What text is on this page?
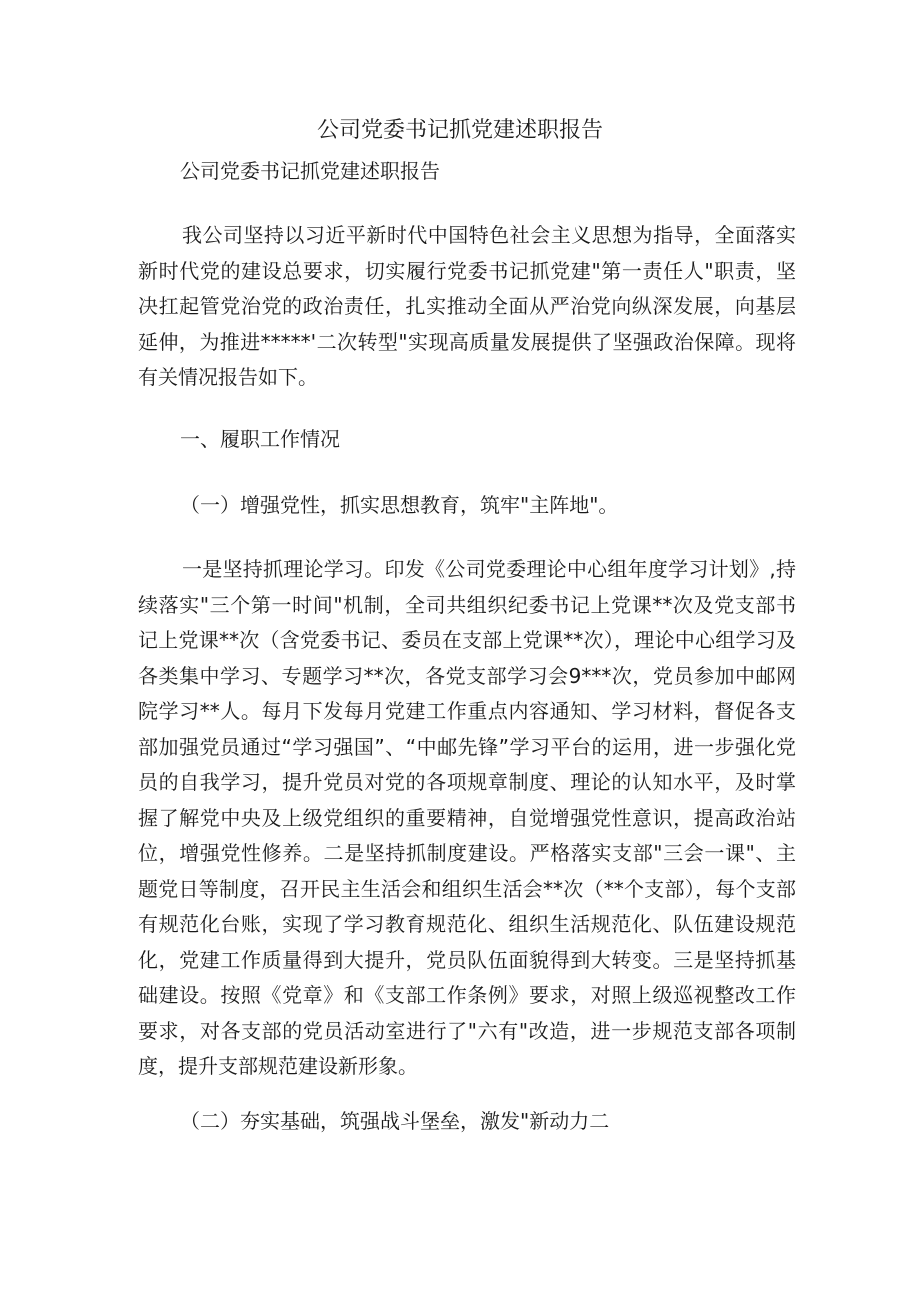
公司党委书记抓党建述职报告

公司党委书记抓党建述职报告

我公司坚持以习近平新时代中国特色社会主义思想为指导，全面落实新时代党的建设总要求，切实履行党委书记抓党建"第一责任人"职责，坚决扛起管党治党的政治责任，扎实推动全面从严治党向纵深发展，向基层延伸，为推进*****'二次转型"实现高质量发展提供了坚强政治保障。现将有关情况报告如下。

一、履职工作情况

（一）增强党性，抓实思想教育，筑牢"主阵地"。

一是坚持抓理论学习。印发《公司党委理论中心组年度学习计划》,持续落实"三个第一时间"机制，全司共组织纪委书记上党课**次及党支部书记上党课**次（含党委书记、委员在支部上党课**次），理论中心组学习及各类集中学习、专题学习**次，各党支部学习会9***次，党员参加中邮网院学习**人。每月下发每月党建工作重点内容通知、学习材料，督促各支部加强党员通过“学习强国”、“中邮先锋”学习平台的运用，进一步强化党员的自我学习，提升党员对党的各项规章制度、理论的认知水平，及时掌握了解党中央及上级党组织的重要精神，自觉增强党性意识，提高政治站位，增强党性修养。二是坚持抓制度建设。严格落实支部"三会一课"、主题党日等制度，召开民主生活会和组织生活会**次（**个支部），每个支部有规范化台账，实现了学习教育规范化、组织生活规范化、队伍建设规范化，党建工作质量得到大提升，党员队伍面貌得到大转变。三是坚持抓基础建设。按照《党章》和《支部工作条例》要求，对照上级巡视整改工作要求，对各支部的党员活动室进行了"六有"改造，进一步规范支部各项制度，提升支部规范建设新形象。

（二）夯实基础，筑强战斗堡垒，激发"新动力二
